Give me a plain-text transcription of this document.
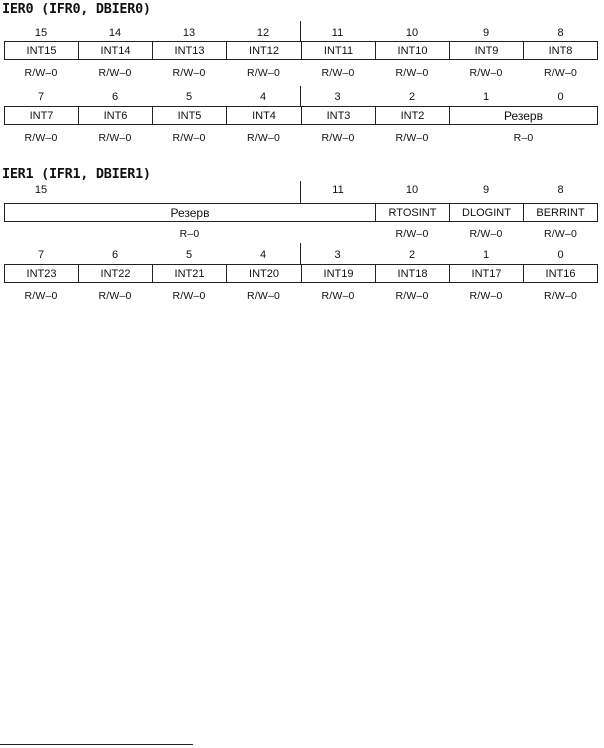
IER0 (IFR0, DBIER0)
15	14	13	12	11	10	9	8
INT15	INT14	INT13	INT12	INT11	INT10	INT9	INT8
R/W–0	R/W–0	R/W–0	R/W–0	R/W–0	R/W–0	R/W–0	R/W–0
7	6	5	4	3	2	1	0
INT7	INT6	INT5	INT4	INT3	INT2	Резерв
R/W–0	R/W–0	R/W–0	R/W–0	R/W–0	R/W–0	R–0
IER1 (IFR1, DBIER1)
15	11	10	9	8
Резерв	RTOSINT	DLOGINT	BERRINT
R–0	R/W–0	R/W–0	R/W–0
7	6	5	4	3	2	1	0
INT23	INT22	INT21	INT20	INT19	INT18	INT17	INT16
R/W–0	R/W–0	R/W–0	R/W–0	R/W–0	R/W–0	R/W–0	R/W–0
